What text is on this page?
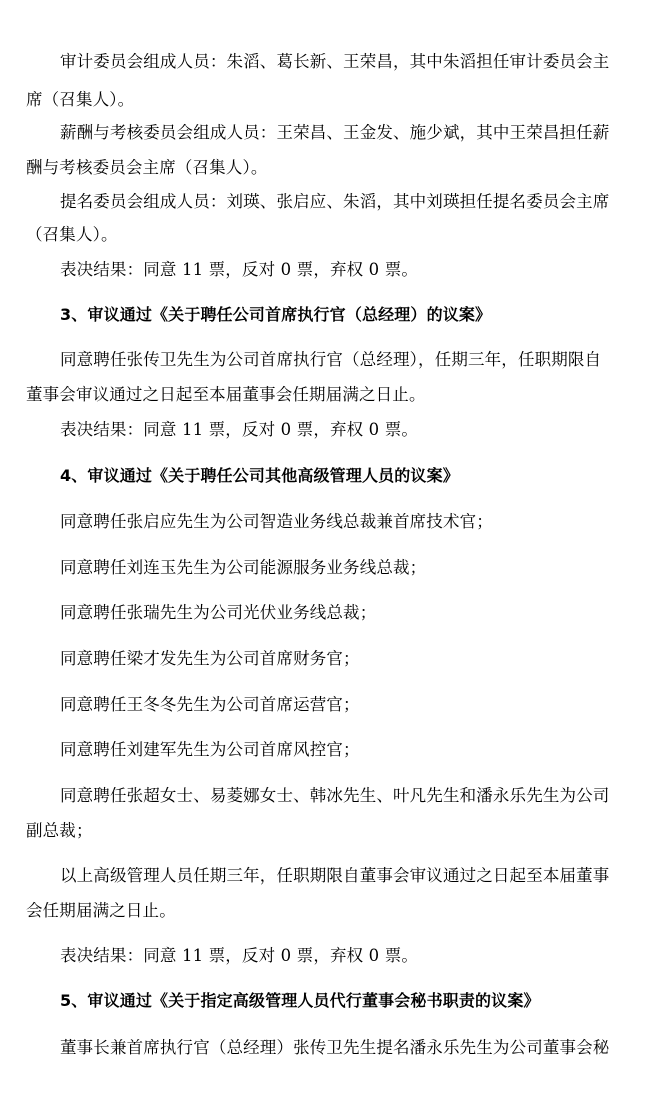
审计委员会组成人员：朱滔、葛长新、王荣昌，其中朱滔担任审计委员会主
席（召集人）。
薪酬与考核委员会组成人员：王荣昌、王金发、施少斌，其中王荣昌担任薪
酬与考核委员会主席（召集人）。
提名委员会组成人员：刘瑛、张启应、朱滔，其中刘瑛担任提名委员会主席
（召集人）。
表决结果：同意 11 票，反对 0 票，弃权 0 票。
3、审议通过《关于聘任公司首席执行官（总经理）的议案》
同意聘任张传卫先生为公司首席执行官（总经理），任期三年，任职期限自
董事会审议通过之日起至本届董事会任期届满之日止。
表决结果：同意 11 票，反对 0 票，弃权 0 票。
4、审议通过《关于聘任公司其他高级管理人员的议案》
同意聘任张启应先生为公司智造业务线总裁兼首席技术官；
同意聘任刘连玉先生为公司能源服务业务线总裁；
同意聘任张瑞先生为公司光伏业务线总裁；
同意聘任梁才发先生为公司首席财务官；
同意聘任王冬冬先生为公司首席运营官；
同意聘任刘建军先生为公司首席风控官；
同意聘任张超女士、易菱娜女士、韩冰先生、叶凡先生和潘永乐先生为公司
副总裁；
以上高级管理人员任期三年，任职期限自董事会审议通过之日起至本届董事
会任期届满之日止。
表决结果：同意 11 票，反对 0 票，弃权 0 票。
5、审议通过《关于指定高级管理人员代行董事会秘书职责的议案》
董事长兼首席执行官（总经理）张传卫先生提名潘永乐先生为公司董事会秘
